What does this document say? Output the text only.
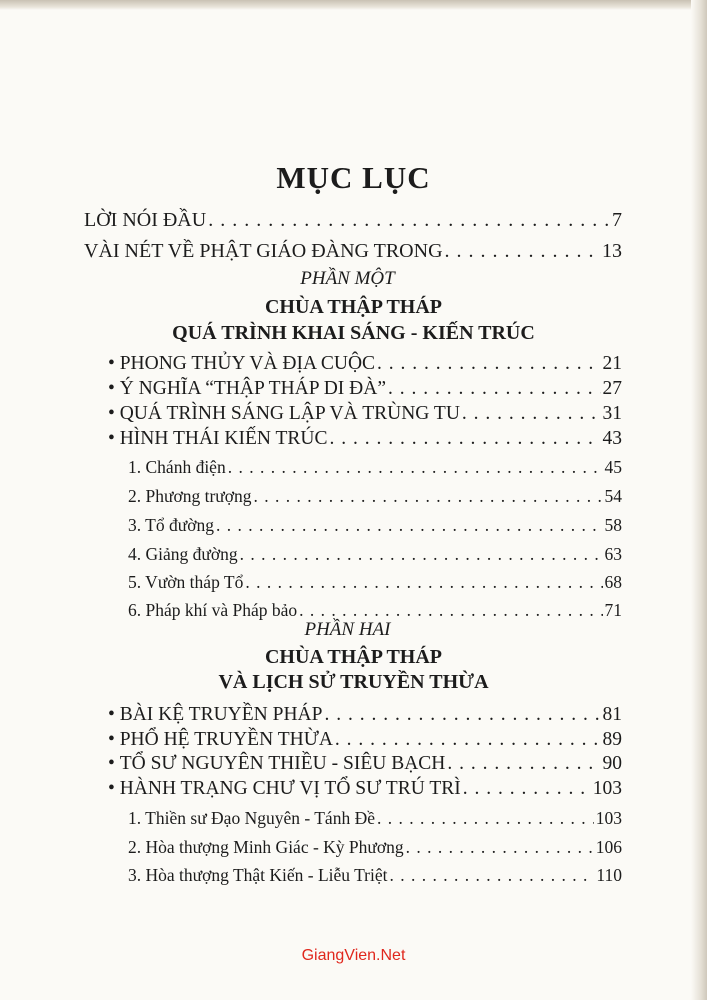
MỤC LỤC
LỜI NÓI ĐẦU . . .	7
VÀI NÉT VỀ PHẬT GIÁO ĐÀNG TRONG . . .	13
PHẦN MỘT
CHÙA THẬP THÁP
QUÁ TRÌNH KHAI SÁNG - KIẾN TRÚC
• PHONG THỦY VÀ ĐỊA CUỘC . . .	21
• Ý NGHĨA “THẬP THÁP DI ĐÀ” . . .	27
• QUÁ TRÌNH SÁNG LẬP VÀ TRÙNG TU . . .	31
• HÌNH THÁI KIẾN TRÚC . . .	43
1. Chánh điện . . .	45
2. Phương trượng . . .	54
3. Tổ đường . . .	58
4. Giảng đường . . .	63
5. Vườn tháp Tổ . . .	68
6. Pháp khí và Pháp bảo . . .	71
PHẦN HAI
CHÙA THẬP THÁP
VÀ LỊCH SỬ TRUYỀN THỪA
• BÀI KỆ TRUYỀN PHÁP . . .	81
• PHỔ HỆ TRUYỀN THỪA . . .	89
• TỔ SƯ NGUYÊN THIỀU - SIÊU BẠCH . . .	90
• HÀNH TRẠNG CHƯ VỊ TỔ SƯ TRÚ TRÌ . . .	103
1. Thiền sư Đạo Nguyên - Tánh Đề . . .	103
2. Hòa thượng Minh Giác - Kỳ Phương . . .	106
3. Hòa thượng Thật Kiến - Liễu Triệt . . .	110
GiangVien.Net
